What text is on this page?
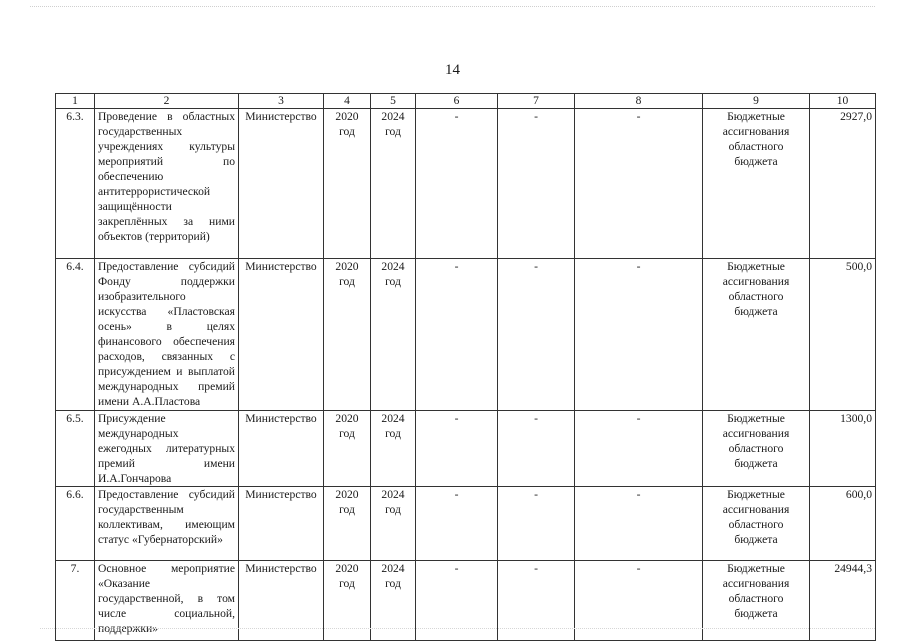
14
1	2	3	4	5	6	7	8	9	10
6.3.	Проведение в областных государственных учреждениях культуры мероприятий по обеспечению антитеррористической защищённости закреплённых за ними объектов (территорий)	Министерство	2020 год	2024 год	-	-	-	Бюджетные ассигнования областного бюджета	2927,0
6.4.	Предоставление субсидий Фонду поддержки изобразительного искусства «Пластовская осень» в целях финансового обеспечения расходов, связанных с присуждением и выплатой международных премий имени А.А.Пластова	Министерство	2020 год	2024 год	-	-	-	Бюджетные ассигнования областного бюджета	500,0
6.5.	Присуждение международных ежегодных литературных премий имени И.А.Гончарова	Министерство	2020 год	2024 год	-	-	-	Бюджетные ассигнования областного бюджета	1300,0
6.6.	Предоставление субсидий государственным коллективам, имеющим статус «Губернаторский»	Министерство	2020 год	2024 год	-	-	-	Бюджетные ассигнования областного бюджета	600,0
7.	Основное мероприятие «Оказание государственной, в том числе социальной, поддержки»	Министерство	2020 год	2024 год	-	-	-	Бюджетные ассигнования областного бюджета	24944,3
